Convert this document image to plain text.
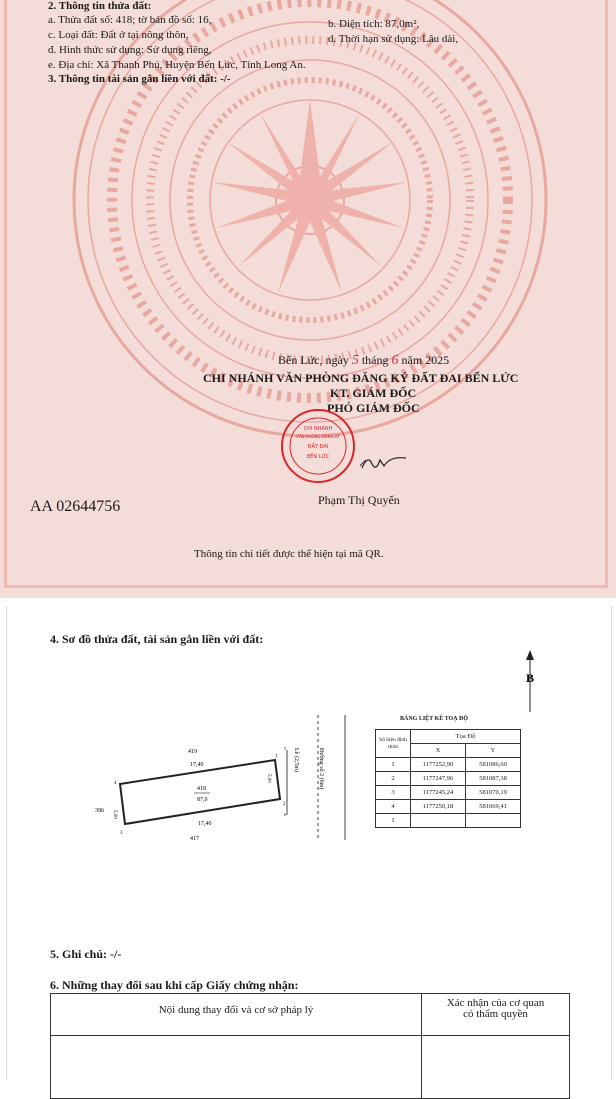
2. Thông tin thửa đất:
a. Thửa đất số: 418; tờ bản đồ số: 16,	b. Diện tích: 87,0m²,
c. Loại đất: Đất ở tại nông thôn,	d. Thời hạn sử dụng: Lâu dài,
đ. Hình thức sử dụng: Sử dụng riêng,
e. Địa chỉ: Xã Thanh Phú, Huyện Bến Lức, Tỉnh Long An.
3. Thông tin tài sản gắn liền với đất: -/-
Bến Lức, ngày 5 tháng 6 năm 2025
CHI NHÁNH VĂN PHÒNG ĐĂNG KÝ ĐẤT ĐAI BẾN LỨC
KT. GIÁM ĐỐC
PHÓ GIÁM ĐỐC
CHI NHÁNH
VĂN PHÒNG ĐĂNG KÝ
ĐẤT ĐAI
BẾN LỨC
Phạm Thị Quyến
AA 02644756
Thông tin chi tiết được thể hiện tại mã QR.
4. Sơ đồ thửa đất, tài sản gắn liền với đất:
B
419
17,40
396
418
87,0
17,40
417
5,00
5,00
1
2
3
4	Đường số 2 (6m)
Lề (2,5m)
5
6
BẢNG LIỆT KÊ TOẠ ĐỘ
Số hiệu đỉnh thửa	Tọa Độ	
	X	Y
1	1177252,90	581086,60
2	1177247,96	581087,38
3	1177245,24	581070,19
4	1177250,18	581069,41
1		
5. Ghi chú: -/-
6. Những thay đổi sau khi cấp Giấy chứng nhận:
Nội dung thay đổi và cơ sở pháp lý	Xác nhận của cơ quan
có thẩm quyền
